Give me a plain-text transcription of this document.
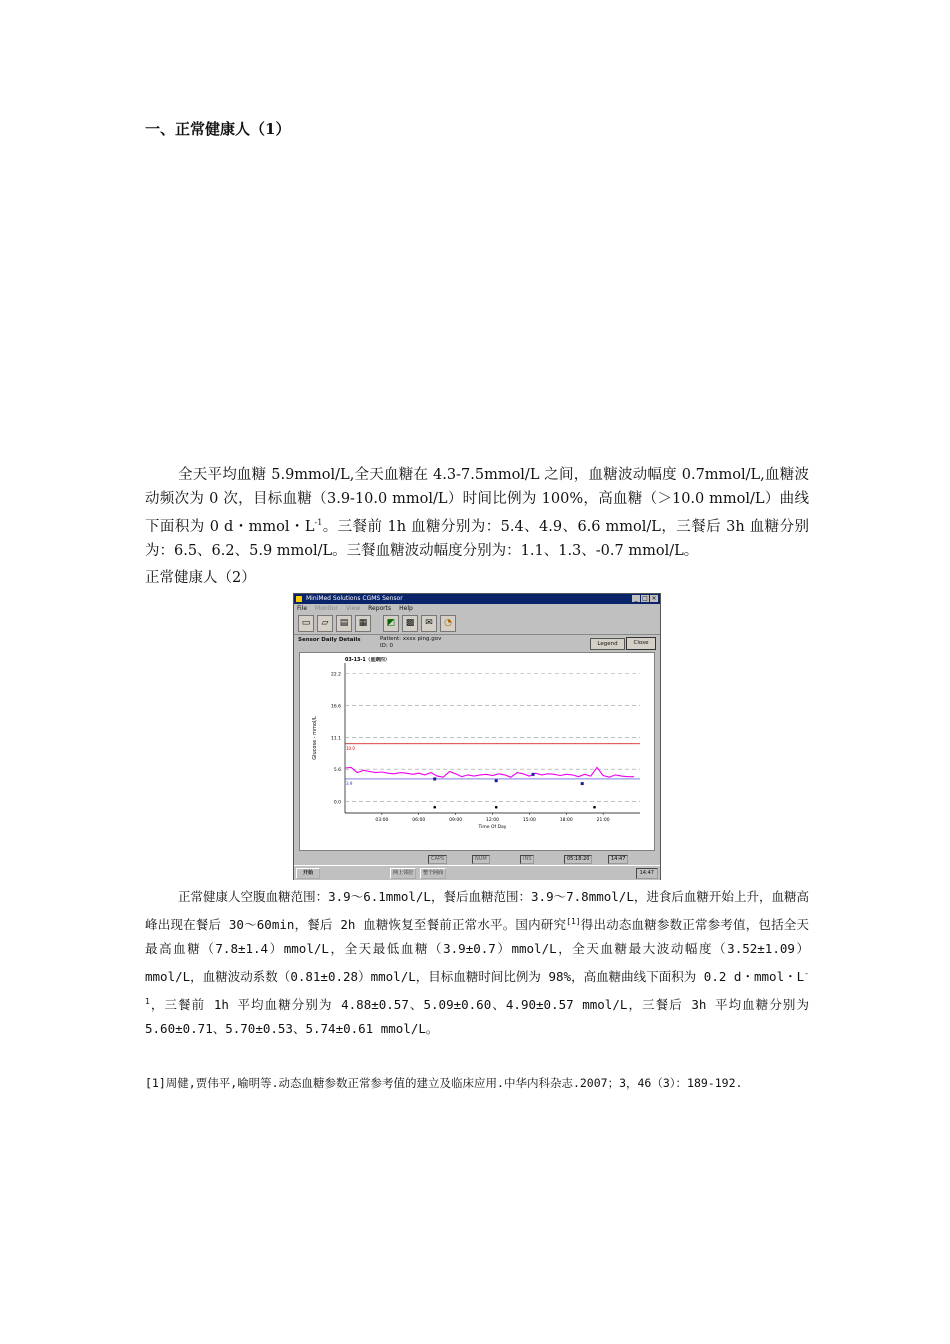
一、正常健康人（1）

全天平均血糖 5.9mmol/L,全天血糖在 4.3-7.5mmol/L 之间，血糖波动幅度 0.7mmol/L,血糖波动频次为 0 次，目标血糖（3.9-10.0 mmol/L）时间比例为 100%，高血糖（＞10.0 mmol/L）曲线下面积为 0 d・mmol・$L^{-1}$。三餐前 1h 血糖分别为：5.4、4.9、6.6 mmol/L，三餐后 3h 血糖分别为：6.5、6.2、5.9 mmol/L。三餐血糖波动幅度分别为：1.1、1.3、-0.7 mmol/L。

正常健康人（2）
MiniMed Solutions CGMS Sensor	_ □ ×
File Monitor View Reports Help
▭	▱	▤	▦	◩	▩	✉	◔
Sensor Daily Details	Patient: xxxx ping.gov
ID: 0	Legend	Close
22.2
16.6
11.1
5.6
0.0
10.0
3.9
03:00	06:00	09:00	12:00	15:00	18:00	21:00
Time Of Day
Glucose - mmol/L
03-13-1（星期四）
CAPS	NUM	INS	05:18:20	14:47
开始	网上邻居	整个阿商	14:47

正常健康人空腹血糖范围：3.9～6.1mmol/L，餐后血糖范围：3.9～7.8mmol/L，进食后血糖开始上升，血糖高峰出现在餐后 30～60min，餐后 2h 血糖恢复至餐前正常水平。国内研究[1]得出动态血糖参数正常参考值，包括全天最高血糖（7.8±1.4）mmol/L，全天最低血糖（3.9±0.7）mmol/L，全天血糖最大波动幅度（3.52±1.09）mmol/L，血糖波动系数（0.81±0.28）mmol/L，目标血糖时间比例为 98%，高血糖曲线下面积为 0.2 d・mmol・$L^{-1}$，三餐前 1h 平均血糖分别为 4.88±0.57、5.09±0.60、4.90±0.57 mmol/L，三餐后 3h 平均血糖分别为 5.60±0.71、5.70±0.53、5.74±0.61 mmol/L。

[1]周健,贾伟平,喻明等.动态血糖参数正常参考值的建立及临床应用.中华内科杂志.2007；3，46（3）：189-192.
